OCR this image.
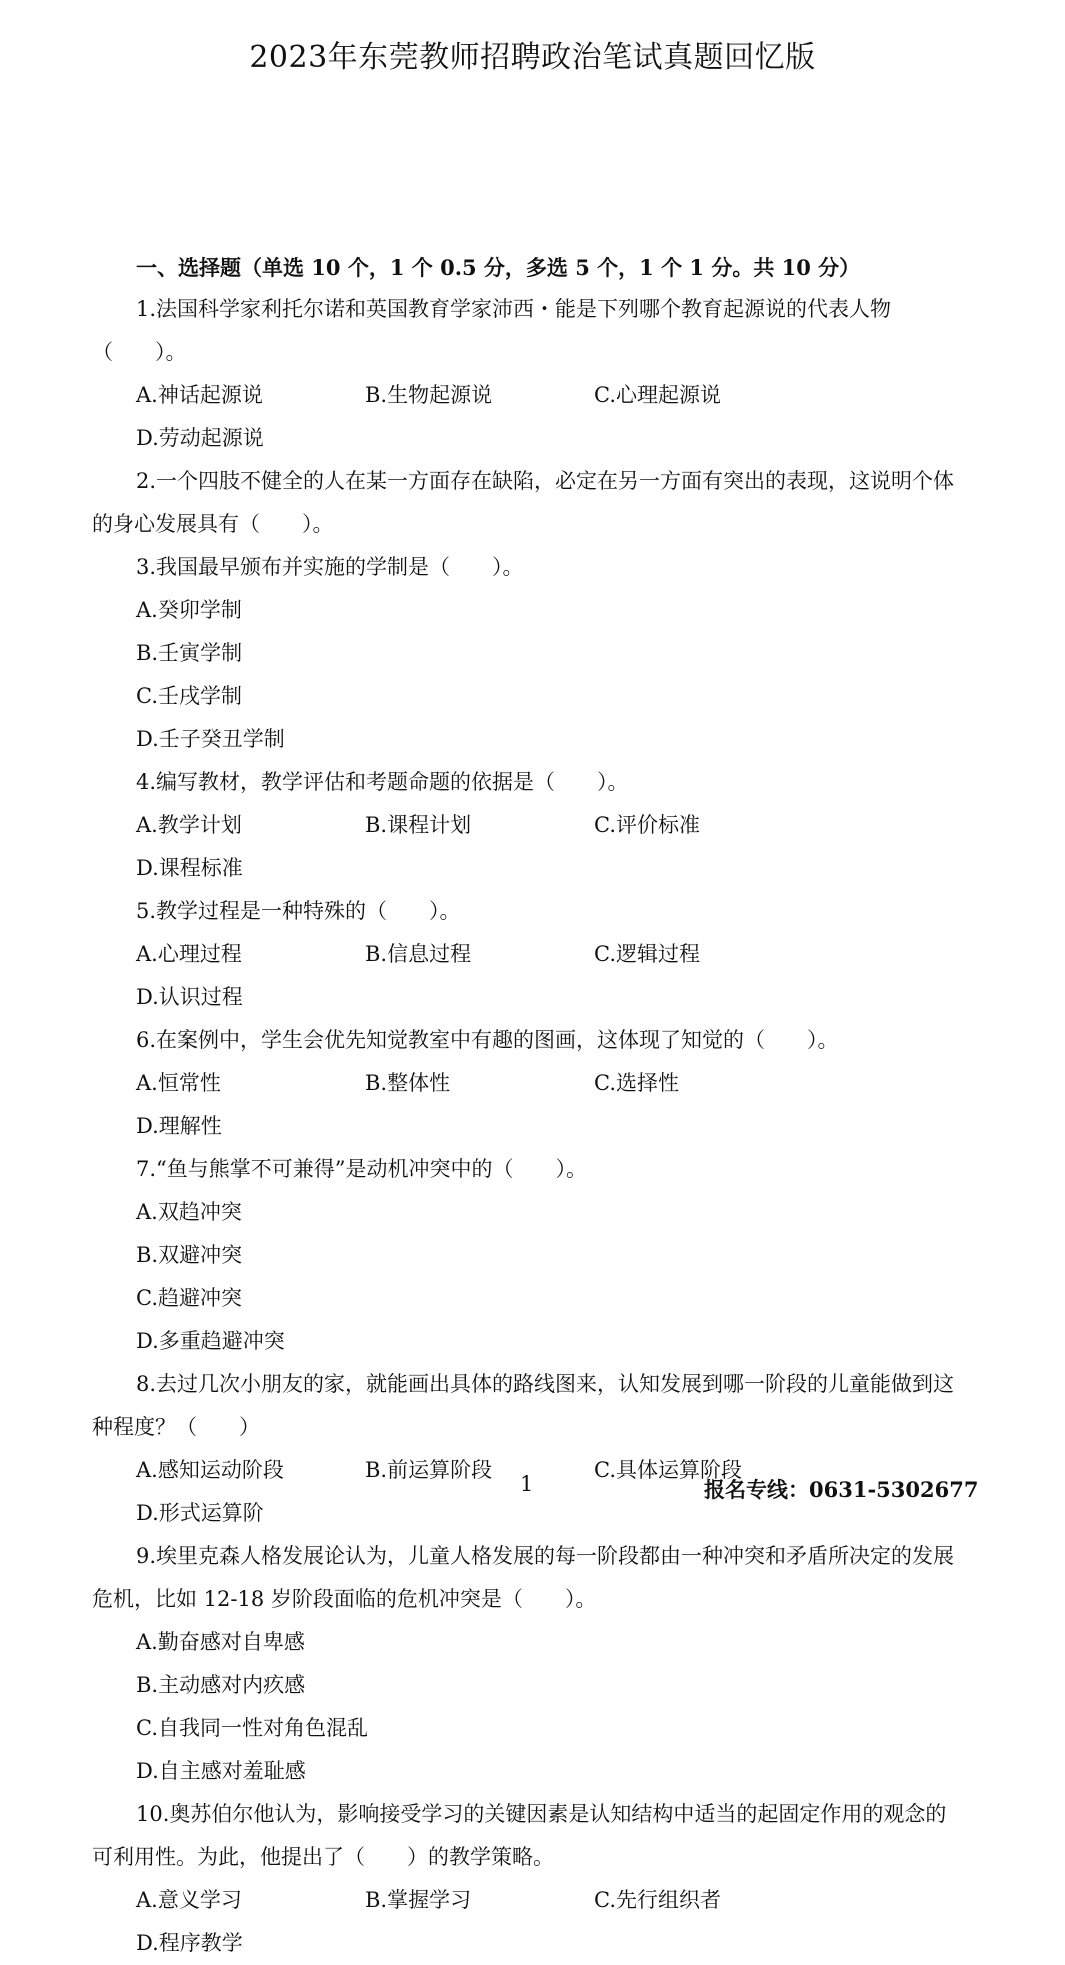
2023年东莞教师招聘政治笔试真题回忆版
一、选择题（单选 10 个，1 个 0.5 分，多选 5 个，1 个 1 分。共 10 分）

1.法国科学家利托尔诺和英国教育学家沛西・能是下列哪个教育起源说的代表人物（　　）。

A.神话起源说	B.生物起源说	C.心理起源说
D.劳动起源说

2.一个四肢不健全的人在某一方面存在缺陷，必定在另一方面有突出的表现，这说明个体的身心发展具有（　　）。

3.我国最早颁布并实施的学制是（　　）。

A.癸卯学制
B.壬寅学制
C.壬戌学制
D.壬子癸丑学制

4.编写教材，教学评估和考题命题的依据是（　　）。

A.教学计划	B.课程计划	C.评价标准
D.课程标准

5.教学过程是一种特殊的（　　）。

A.心理过程	B.信息过程	C.逻辑过程
D.认识过程

6.在案例中，学生会优先知觉教室中有趣的图画，这体现了知觉的（　　）。

A.恒常性	B.整体性	C.选择性
D.理解性

7.“鱼与熊掌不可兼得”是动机冲突中的（　　）。

A.双趋冲突
B.双避冲突
C.趋避冲突
D.多重趋避冲突

8.去过几次小朋友的家，就能画出具体的路线图来，认知发展到哪一阶段的儿童能做到这种程度？（　　）

A.感知运动阶段	B.前运算阶段	C.具体运算阶段
D.形式运算阶

9.埃里克森人格发展论认为，儿童人格发展的每一阶段都由一种冲突和矛盾所决定的发展危机，比如 12-18 岁阶段面临的危机冲突是（　　）。

A.勤奋感对自卑感
B.主动感对内疚感
C.自我同一性对角色混乱
D.自主感对羞耻感

10.奥苏伯尔他认为，影响接受学习的关键因素是认知结构中适当的起固定作用的观念的可利用性。为此，他提出了（　　）的教学策略。

A.意义学习	B.掌握学习	C.先行组织者
D.程序教学
1	报名专线：0631-5302677
